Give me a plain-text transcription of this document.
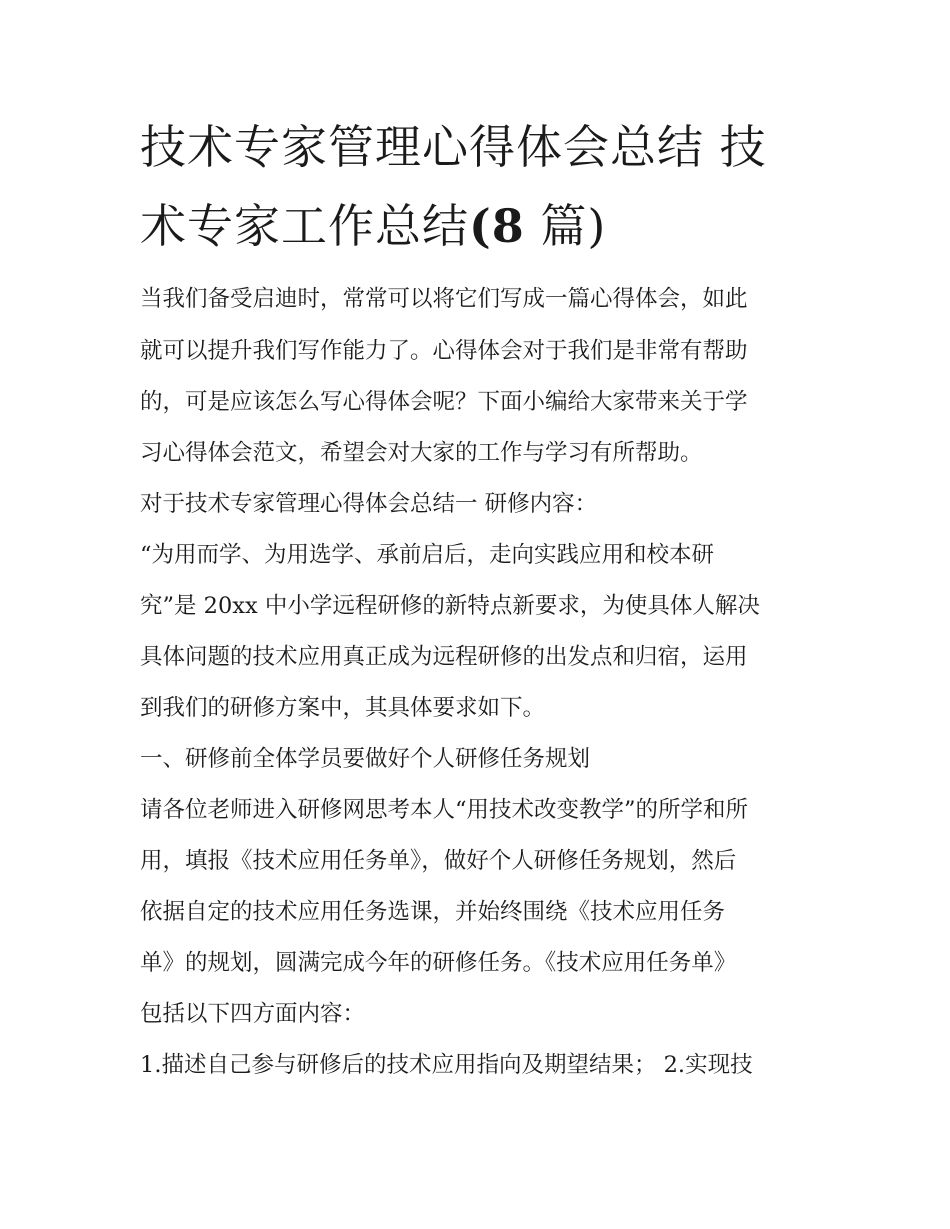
技术专家管理心得体会总结 技
术专家工作总结(8 篇)

当我们备受启迪时，常常可以将它们写成一篇心得体会，如此

就可以提升我们写作能力了。心得体会对于我们是非常有帮助

的，可是应该怎么写心得体会呢？下面小编给大家带来关于学

习心得体会范文，希望会对大家的工作与学习有所帮助。

对于技术专家管理心得体会总结一 研修内容：

“为用而学、为用选学、承前启后，走向实践应用和校本研

究”是 20xx 中小学远程研修的新特点新要求，为使具体人解决

具体问题的技术应用真正成为远程研修的出发点和归宿，运用

到我们的研修方案中，其具体要求如下。

一、研修前全体学员要做好个人研修任务规划

请各位老师进入研修网思考本人“用技术改变教学”的所学和所

用，填报《技术应用任务单》，做好个人研修任务规划，然后

依据自定的技术应用任务选课，并始终围绕《技术应用任务

单》的规划，圆满完成今年的研修任务。《技术应用任务单》

包括以下四方面内容：

1.描述自己参与研修后的技术应用指向及期望结果； 2.实现技
